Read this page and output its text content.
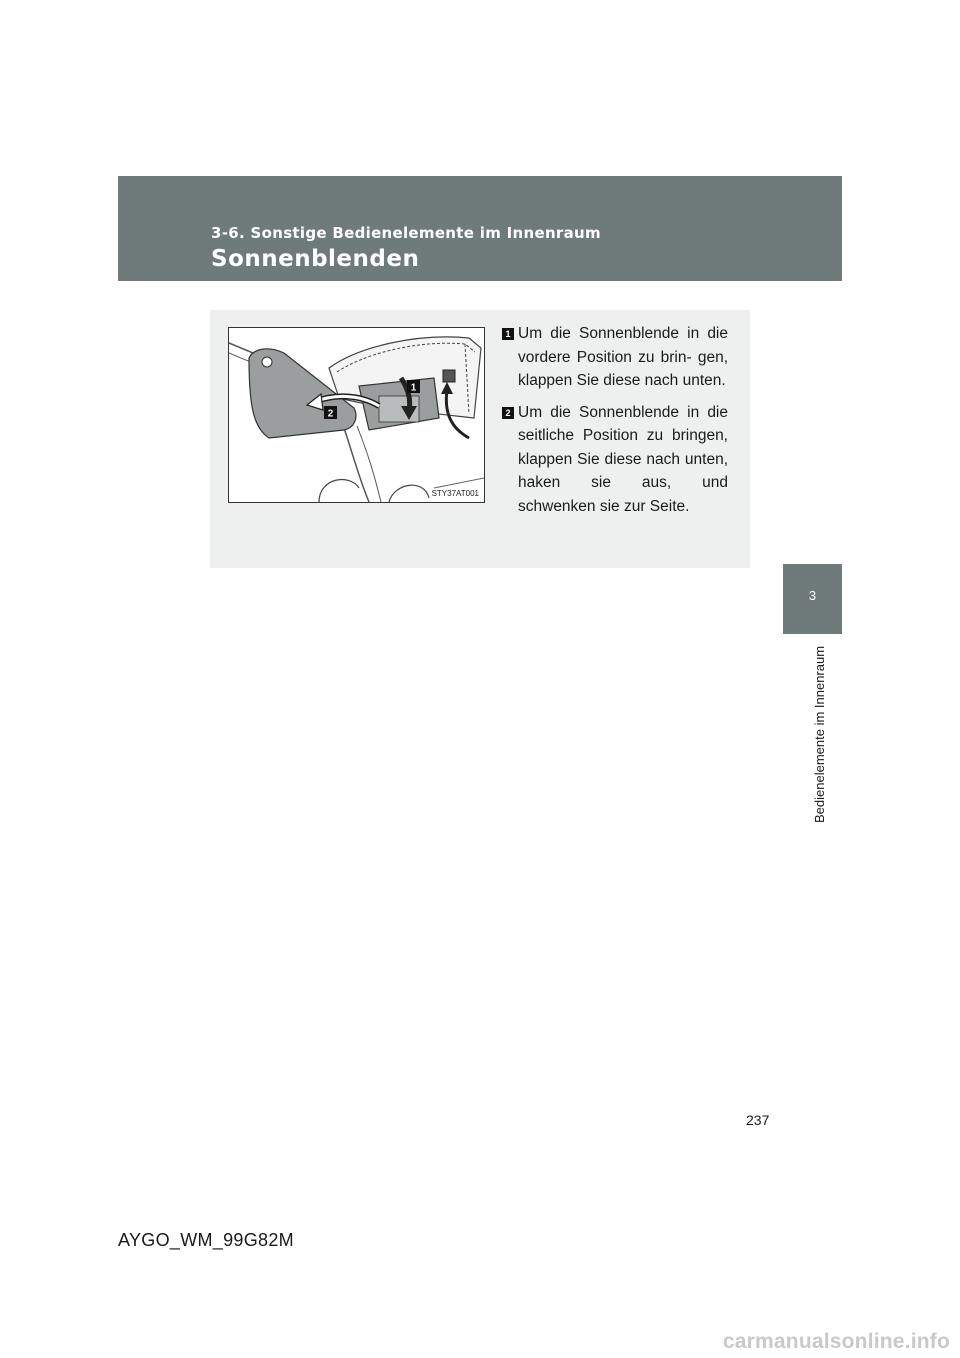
3-6. Sonstige Bedienelemente im Innenraum
Sonnenblenden
3
Bedienelemente im Innenraum
1
2
STY37AT001
1 Um die Sonnenblende in die vordere Position zu brin- gen, klappen Sie diese nach unten.
2 Um die Sonnenblende in die seitliche Position zu bringen, klappen Sie diese nach unten, haken sie aus, und schwenken sie zur Seite.
237
AYGO_WM_99G82M
carmanualsonline.info
